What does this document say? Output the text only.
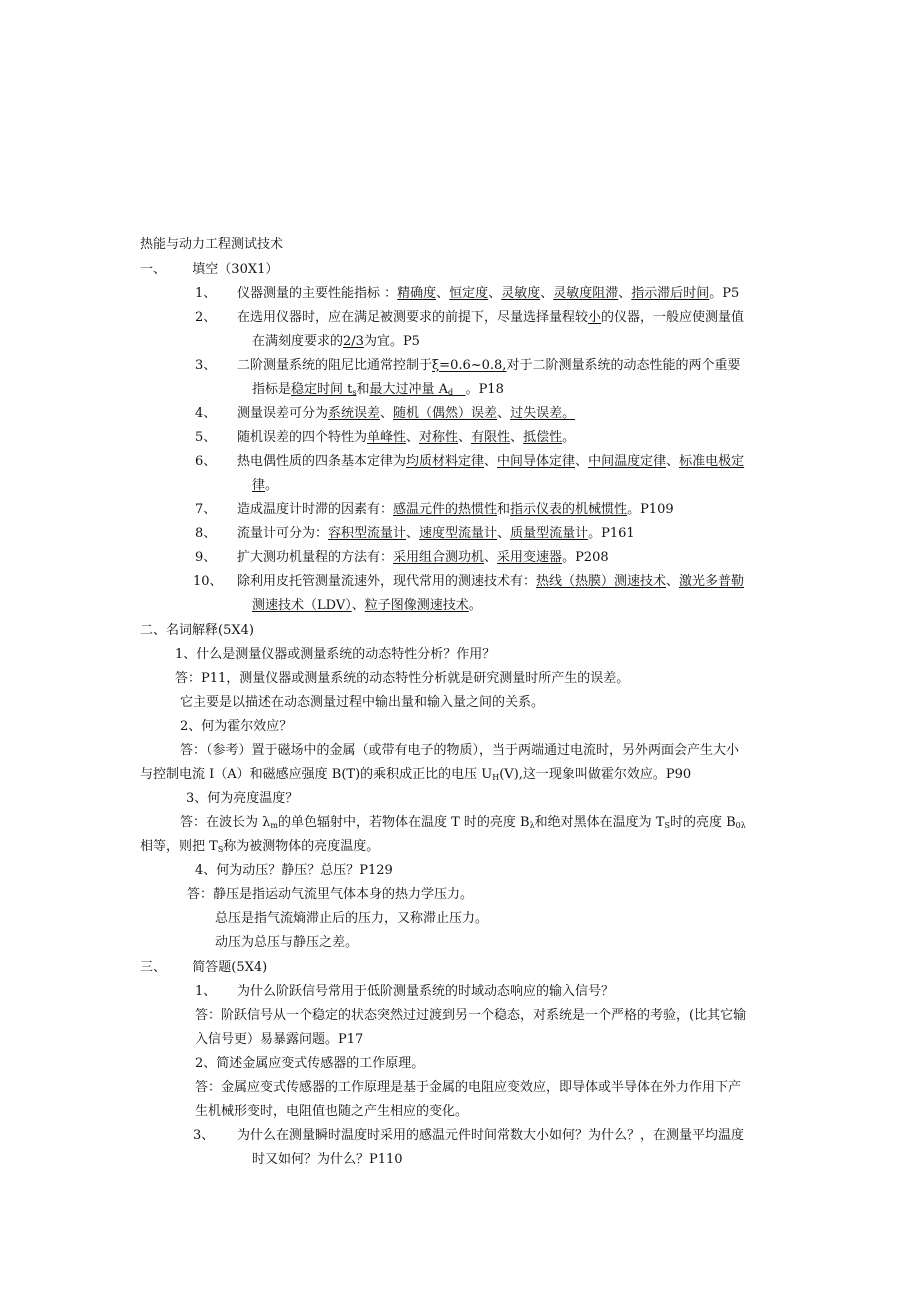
热能与动力工程测试技术
一、 填空（30X1）
1、 仪器测量的主要性能指标 ：精确度、恒定度、灵敏度、灵敏度阻滞、指示滞后时间。P5
2、 在选用仪器时，应在满足被测要求的前提下，尽量选择量程较小的仪器，一般应使测量值
在满刻度要求的2/3为宜。P5
3、 二阶测量系统的阻尼比通常控制于ξ=0.6~0.8,对于二阶测量系统的动态性能的两个重要
指标是稳定时间 $t_s$和最大过冲量 $A_d$ 。P18
4、 测量误差可分为系统误差、随机（偶然）误差、过失误差。
5、 随机误差的四个特性为单峰性、对称性、有限性、抵偿性。
6、 热电偶性质的四条基本定律为均质材料定律、中间导体定律、中间温度定律、标准电极定
律。
7、 造成温度计时滞的因素有：感温元件的热惯性和指示仪表的机械惯性。P109
8、 流量计可分为：容积型流量计、速度型流量计、质量型流量计。P161
9、 扩大测功机量程的方法有：采用组合测功机、采用变速器。P208
10、 除利用皮托管测量流速外，现代常用的测速技术有：热线（热膜）测速技术、激光多普勒
测速技术（LDV）、粒子图像测速技术。
二、名词解释(5X4)
1、什么是测量仪器或测量系统的动态特性分析？作用？
答：P11，测量仪器或测量系统的动态特性分析就是研究测量时所产生的误差。
它主要是以描述在动态测量过程中输出量和输入量之间的关系。
2、何为霍尔效应？
答：（参考）置于磁场中的金属（或带有电子的物质），当于两端通过电流时，另外两面会产生大小
与控制电流 I（A）和磁感应强度 B(T)的乘积成正比的电压 $U_H(V)$,这一现象叫做霍尔效应。P90
3、何为亮度温度？
答：在波长为 $\lambda_m$的单色辐射中，若物体在温度 T 时的亮度 $B_\lambda$和绝对黑体在温度为 $T_S$时的亮度 $B_{0\lambda}$
相等，则把 $T_S$称为被测物体的亮度温度。
4、何为动压？静压？总压？P129
答：静压是指运动气流里气体本身的热力学压力。
总压是指气流熵滞止后的压力，又称滞止压力。
动压为总压与静压之差。
三、 简答题(5X4)
1、 为什么阶跃信号常用于低阶测量系统的时域动态响应的输入信号？
答：阶跃信号从一个稳定的状态突然过过渡到另一个稳态，对系统是一个严格的考验，(比其它输
入信号更）易暴露问题。P17
2、简述金属应变式传感器的工作原理。
答：金属应变式传感器的工作原理是基于金属的电阻应变效应，即导体或半导体在外力作用下产
生机械形变时，电阻值也随之产生相应的变化。
3、 为什么在测量瞬时温度时采用的感温元件时间常数大小如何？为什么？，在测量平均温度
时又如何？为什么？P110
